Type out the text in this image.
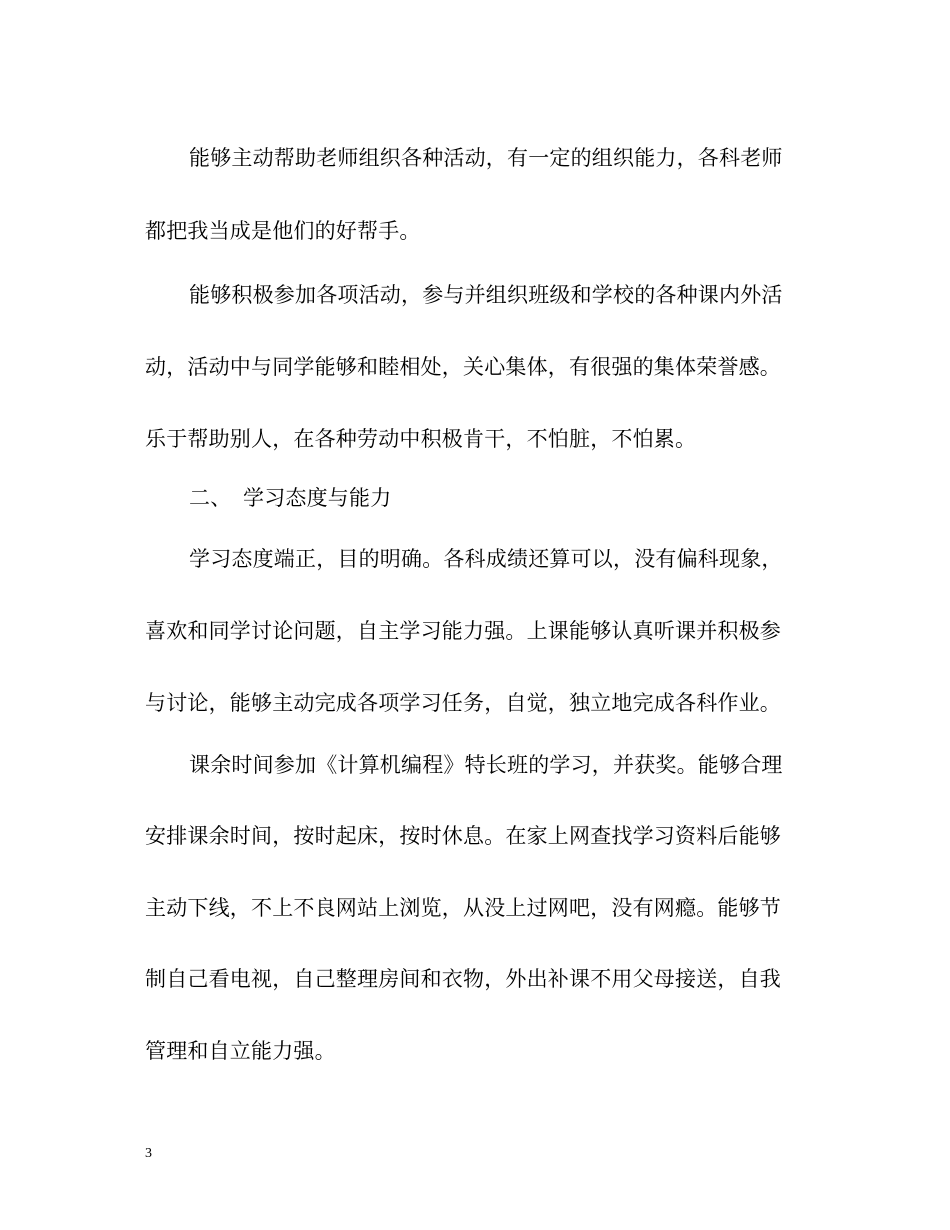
能够主动帮助老师组织各种活动，有一定的组织能力，各科老师
都把我当成是他们的好帮手。
能够积极参加各项活动，参与并组织班级和学校的各种课内外活
动，活动中与同学能够和睦相处，关心集体，有很强的集体荣誉感。
乐于帮助别人，在各种劳动中积极肯干，不怕脏，不怕累。
二、 学习态度与能力
学习态度端正，目的明确。各科成绩还算可以，没有偏科现象，
喜欢和同学讨论问题，自主学习能力强。上课能够认真听课并积极参
与讨论，能够主动完成各项学习任务，自觉，独立地完成各科作业。
课余时间参加《计算机编程》特长班的学习，并获奖。能够合理
安排课余时间，按时起床，按时休息。在家上网查找学习资料后能够
主动下线，不上不良网站上浏览，从没上过网吧，没有网瘾。能够节
制自己看电视，自己整理房间和衣物，外出补课不用父母接送，自我
管理和自立能力强。
3
